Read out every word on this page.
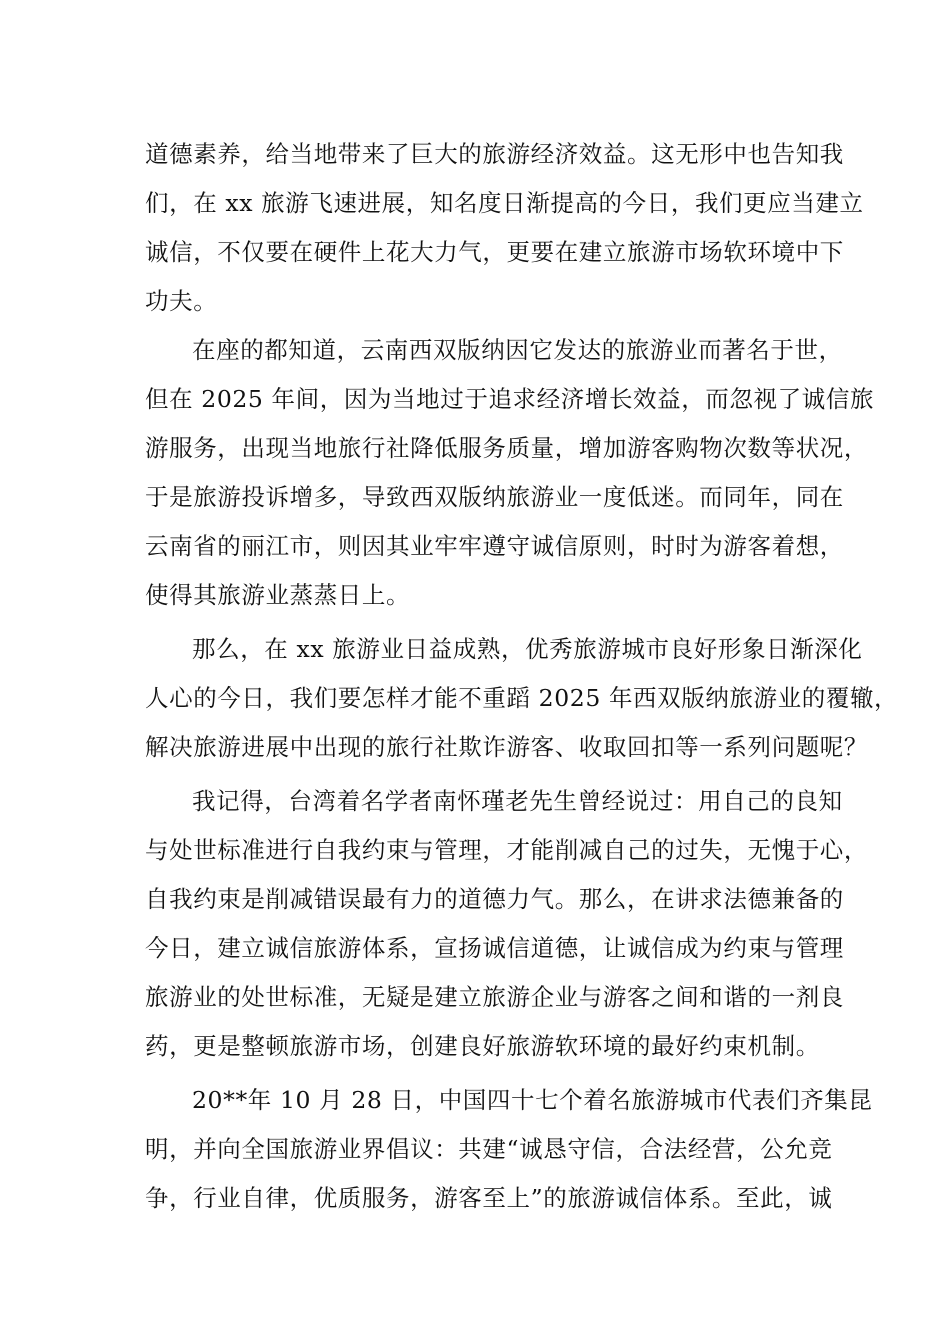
道德素养，给当地带来了巨大的旅游经济效益。这无形中也告知我
们，在 xx 旅游飞速进展，知名度日渐提高的今日，我们更应当建立
诚信，不仅要在硬件上花大力气，更要在建立旅游市场软环境中下
功夫。
在座的都知道，云南西双版纳因它发达的旅游业而著名于世，
但在 2025 年间，因为当地过于追求经济增长效益，而忽视了诚信旅
游服务，出现当地旅行社降低服务质量，增加游客购物次数等状况，
于是旅游投诉增多，导致西双版纳旅游业一度低迷。而同年，同在
云南省的丽江市，则因其业牢牢遵守诚信原则，时时为游客着想，
使得其旅游业蒸蒸日上。
那么，在 xx 旅游业日益成熟，优秀旅游城市良好形象日渐深化
人心的今日，我们要怎样才能不重蹈 2025 年西双版纳旅游业的覆辙，
解决旅游进展中出现的旅行社欺诈游客、收取回扣等一系列问题呢？
我记得，台湾着名学者南怀瑾老先生曾经说过：用自己的良知
与处世标准进行自我约束与管理，才能削减自己的过失，无愧于心，
自我约束是削减错误最有力的道德力气。那么，在讲求法德兼备的
今日，建立诚信旅游体系，宣扬诚信道德，让诚信成为约束与管理
旅游业的处世标准，无疑是建立旅游企业与游客之间和谐的一剂良
药，更是整顿旅游市场，创建良好旅游软环境的最好约束机制。
20**年 10 月 28 日，中国四十七个着名旅游城市代表们齐集昆
明，并向全国旅游业界倡议：共建“诚恳守信，合法经营，公允竞
争，行业自律，优质服务，游客至上”的旅游诚信体系。至此，诚
